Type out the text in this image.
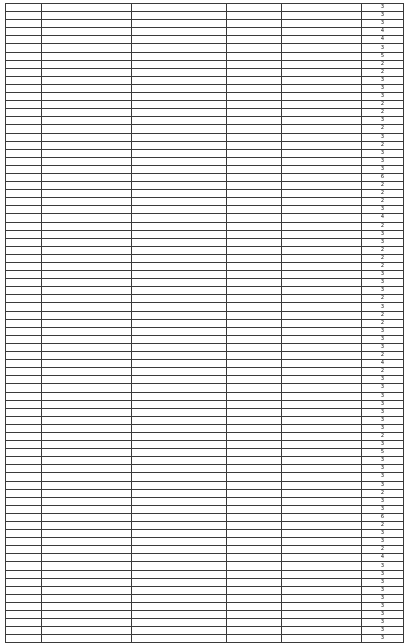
					3
					3
					3
					4
					4
					3
					5
					2
					2
					3
					3
					3
					2
					2
					3
					2
					3
					2
					3
					3
					3
					6
					2
					2
					2
					3
					4
					2
					3
					3
					2
					2
					2
					3
					3
					3
					2
					3
					2
					2
					3
					3
					3
					2
					4
					2
					3
					3
					3
					3
					3
					3
					3
					2
					3
					5
					3
					3
					3
					3
					2
					3
					3
					6
					2
					3
					3
					2
					4
					3
					3
					3
					3
					3
					3
					3
					3
					3
					3
